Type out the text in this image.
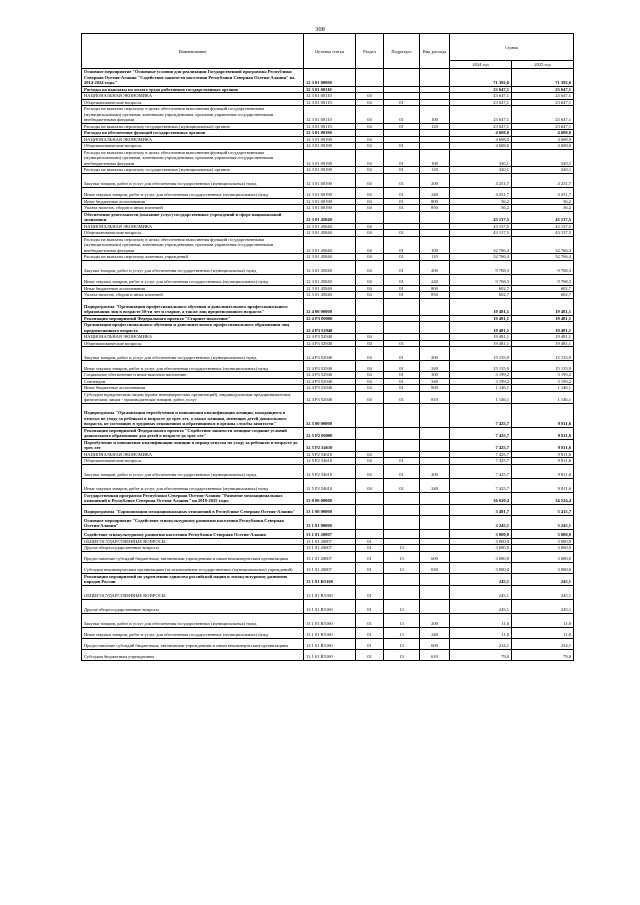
308
Наименование	Целевая статья	Раздел	Подраздел	Вид расхода	Сумма	
					2024 год	2025 год
Основное мероприятие "Основные условия для реализации Государственной программы Республики Северная Осетия-Алания "Содействие занятости населения Республики Северная Осетия-Алания" на 2014-2024 годы"	12 3 01 00000				71 392,6	71 392,6
Расходы на выплаты по оплате труда работников государственных органов	12 3 01 00110				23 647,1	23 647,1
НАЦИОНАЛЬНАЯ ЭКОНОМИКА	12 3 01 00110	04			23 647,1	23 647,1
Общеэкономические вопросы	12 3 01 00110	04	01		23 647,1	23 647,1
Расходы на выплаты персоналу в целях обеспечения выполнения функций государственными (муниципальными) органами, казенными учреждениями, органами управления государственными внебюджетными фондами	12 3 01 00110	04	01	100	23 647,1	23 647,1
Расходы на выплаты персоналу государственных (муниципальных) органов	12 3 01 00110	04	01	120	23 647,1	23 647,1
Расходы на обеспечение функций государственных органов	12 3 01 00190				4 608,0	4 608,0
НАЦИОНАЛЬНАЯ ЭКОНОМИКА	12 3 01 00190	04			4 608,0	4 608,0
Общеэкономические вопросы	12 3 01 00190	04	01		4 608,0	4 608,0
Расходы на выплаты персоналу в целях обеспечения выполнения функций государственными (муниципальными) органами, казенными учреждениями, органами управления государственными внебюджетными фондами	12 3 01 00190	04	01	100	320,1	320,1
Расходы на выплаты персоналу государственных (муниципальных) органов	12 3 01 00190	04	01	120	320,1	320,1
Закупка товаров, работ и услуг для обеспечения государственных (муниципальных) нужд	12 3 01 00190	04	01	200	4 251,7	4 251,7
Иные закупки товаров, работ и услуг для обеспечения государственных (муниципальных) нужд	12 3 01 00190	04	01	240	4 251,7	4 251,7
Иные бюджетные ассигнования	12 3 01 00190	04	01	800	36,2	36,2
Уплата налогов, сборов и иных платежей	12 3 01 00190	04	01	850	36,2	36,2
Обеспечение деятельности (оказание услуг) государственных учреждений в сфере национальной экономики	12 3 01 45040				43 137,5	43 137,5
НАЦИОНАЛЬНАЯ ЭКОНОМИКА	12 3 01 45040	04			43 137,5	43 137,5
Общеэкономические вопросы	12 3 01 45040	04	01		43 137,5	43 137,5
Расходы на выплаты персоналу в целях обеспечения выполнения функций государственными (муниципальными) органами, казенными учреждениями, органами управления государственными внебюджетными фондами	12 3 01 45040	04	01	100	32 766,4	32 766,4
Расходы на выплаты персоналу казенных учреждений	12 3 01 45040	04	01	110	32 766,4	32 766,4
Закупка товаров, работ и услуг для обеспечения государственных (муниципальных) нужд	12 3 01 45040	04	01	200	9 768,3	9 768,3
Иные закупки товаров, работ и услуг для обеспечения государственных (муниципальных) нужд	12 3 01 45040	04	01	240	9 768,3	9 768,3
Иные бюджетные ассигнования	12 3 01 45040	04	01	800	602,7	602,7
Уплата налогов, сборов и иных платежей	12 3 01 45040	04	01	850	602,7	602,7
Подпрограмма "Организация профессионального обучения и дополнительного профессионального образования лиц в возрасте 50-ти лет и старше, а также лиц предпенсионного возраста"	12 4 00 00000				19 481,1	19 481,1
Реализация мероприятий Федерального проекта "Старшее поколение"	12 4 P3 00000				19 481,1	19 481,1
Организация профессионального обучения и дополнительного профессионального образования лиц предпенсионного возраста	12 4 P3 52940				19 481,1	19 481,1
НАЦИОНАЛЬНАЯ ЭКОНОМИКА	12 4 P3 52940	04			19 481,1	19 481,1
Общеэкономические вопросы	12 4 P3 52940	04	01		19 481,1	19 481,1
Закупка товаров, работ и услуг для обеспечения государственных (муниципальных) нужд	12 4 P3 52940	04	01	200	15 135,9	15 135,9
Иные закупки товаров, работ и услуг для обеспечения государственных (муниципальных) нужд	12 4 P3 52940	04	01	240	15 135,9	15 135,9
Социальное обеспечение и иные выплаты населению	12 4 P3 52940	04	01	300	3 199,2	3 199,2
Стипендии	12 4 P3 52940	04	01	340	3 199,2	3 199,2
Иные бюджетные ассигнования	12 4 P3 52940	04	01	800	1 146,1	1 146,1
Субсидии юридическим лицам (кроме некоммерческих организаций), индивидуальным предпринимателям, физическим лицам - производителям товаров, работ, услуг	12 4 P3 52940	04	01	810	1 146,1	1 146,1
Подпрограмма "Организация переобучения и повышения квалификации женщин, находящихся в отпуске по уходу за ребенком в возрасте до трех лет, а также женщин, имеющих детей дошкольного возраста, не состоящих в трудовых отношениях и обратившихся в органы службы занятости"	12 5 00 00000				7 425,7	9 811,6
Реализация мероприятий Федерального проекта "Содействие занятости женщин-создание условий дошкольного образования для детей в возрасте до трех лет"	12 5 P2 00000				7 425,7	9 811,6
Переобучение и повышение квалификации женщин в период отпуска по уходу за ребенком в возрасте до трех лет	12 5 P2 54610				7 425,7	9 811,6
НАЦИОНАЛЬНАЯ ЭКОНОМИКА	12 5 P2 54610	04			7 425,7	9 811,6
Общеэкономические вопросы	12 5 P2 54610	04	01		7 425,7	9 811,6
Закупка товаров, работ и услуг для обеспечения государственных (муниципальных) нужд	12 5 P2 54610	04	01	200	7 425,7	9 811,6
Иные закупки товаров, работ и услуг для обеспечения государственных (муниципальных) нужд	12 5 P2 54610	04	01	240	7 425,7	9 811,6
Государственная программа Республики Северная Осетия-Алания "Развитие межнациональных отношений в Республике Северная Осетия-Алания" на 2019-2025 годы	13 0 00 00000				36 020,4	34 524,4
Подпрограмма "Гармонизация межнациональных отношений в Республике Северная Осетия-Алания"	13 1 00 00000				3 481,7	3 415,7
Основное мероприятие "Содействие этнокультурному развитию населения Республики Северная Осетия-Алания"	13 1 01 00000				3 245,1	3 245,1
Содействие этнокультурному развитию населения Республики Северная Осетия-Алания	13 1 01 20007				3 000,0	3 000,0
ОБЩЕГОСУДАРСТВЕННЫЕ ВОПРОСЫ	13 1 01 20007	01			3 000,0	3 000,0
Другие общегосударственные вопросы	13 1 01 20007	01	13		3 000,0	3 000,0
Предоставление субсидий бюджетным, автономным учреждениям и иным некоммерческим организациям	13 1 01 20007	01	13	600	3 000,0	3 000,0
Субсидии некоммерческим организациям (за исключением государственных (муниципальных) учреждений)	13 1 01 20007	01	13	630	3 000,0	3 000,0
Реализация мероприятий по укреплению единства российской нации и этнокультурному развитию народов России	13 1 01 R5160				245,1	245,1
ОБЩЕГОСУДАРСТВЕННЫЕ ВОПРОСЫ	13 1 01 R5160	01			245,1	245,1
Другие общегосударственные вопросы	13 1 01 R5160	01	13		245,1	245,1
Закупка товаров, работ и услуг для обеспечения государственных (муниципальных) нужд	13 1 01 R5160	01	13	200	11,0	11,0
Иные закупки товаров, работ и услуг для обеспечения государственных (муниципальных) нужд	13 1 01 R5160	01	13	240	11,0	11,0
Предоставление субсидий бюджетным, автономным учреждениям и иным некоммерческим организациям	13 1 01 R5160	01	13	600	234,1	234,1
Субсидии бюджетным учреждениям	13 1 01 R5160	01	13	610	79,0	79,0
